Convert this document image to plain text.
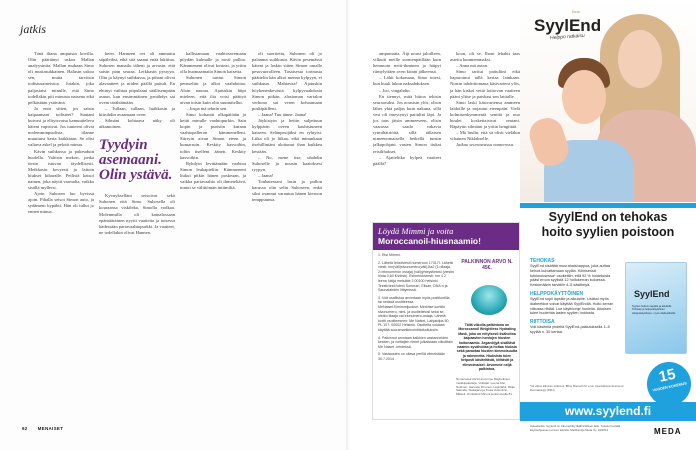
jatkis

Tänä iltana ampuisin kovilla. Olin päättänyt uskoa Mallan analyysintia. Mallan mukaan Simo oli mustasukkainen. Halusin uskoa sen, mutta tarvitsin todistusaineistoa. Jotakin, joka paljastaisi minulle, että Simo todellakin piti minusta naisena eikä pelkästään ystävänä.

Ja entä sitten, jos saisin kaipaamani todisteet? Suutani kuivasi ja elityisvatsa kamuutteleva käteni vapisivat. Jos tunteeni olivat molemminpuolisia, tilanne muuttuisi kerta kaikkiaan. Se olisi valtava askel ja pelotti minua.

Kävin suihkussa ja pukeuduin huolella. Valitsin mekon, jonka tiesin istuvan täydellisesti. Meikkasin kevyesti ja laitoin hiukset kiharalle. Peilistä katsoi nainen, joka näytti varmalta, vaikka sisällä myllersi.

Ajoin Suhosen luo hyvissä ajoin. Pihalla seisoi Simon auto, ja sydämeni hypähti. Hän oli tullut jo ennen minua.

keen. Hanneen ovi oli ammuttu säpäleiksi, eikä sitä saanut enää lukittua. Suhosen manailu täheni ja arvasin, että saisin pian seuraa. Leikkasin pystyyn. Olin jo käynyt suihkussa, ja pihani olivat alavaatteet ja niiden päällä paituli. En ehtinyt vaihtaa pöpulaani säällisempään asuun, kun ensimmäinen jymähdys sai oveni tärähtämään.

– Tullaan, tullaan, huikkasin ja kiiruhdin avaamaan oven.

Silmäni kohtaava näky oli aikamoinen.

Tyydyin asemaani. Olin ystävä.

Kyvnykselläni seisoivat sekä Suhonen että Simo. Suhosella oli kouraansa viskileka, Simolla vodkaa. Molemmilla oli kainalossaan epämääräinen nyytti vaatteita ja toisessa kädessään partavaahtopurkki. Ja vaatteet, ne todellakin olivat Hannen.

kallistamaan vaahtosavemaan pöydän kulmalle ja nosti pulloa. Kämmeneni olivat kosteat, ja yritin olla huomaamatta Simon katsetta.

Suhonen tarttui Simon pensseliin ja alkoi vaahdottaa. Aloin nauraa. Ajatuskin hiipi mieleen, että ilta voisi päättyä aivan toisin kuin olin suunnitellut.

– Jospa mä teknin sen.

Simo kohautti olkapäitään ja heitti minulle vaahtopurkin. Sain kopin ja puristin kuraan vaahtopalleron kämmenelleni. Siirryin aivan Simon eteen ja kumarruin. Keskity kasvoihin, toltin itselleni äänetı. Keskity kasvoihin.

Ryhdyin levittämään vaahtoa Simon leukapieliin. Kämmeneni liukui pitkin hänen poskeaan, ja vaikka partavaahto oli ihmeteltävä, tuntui se välittömän intiimiltä.

oli suoritettu, Suhonen oli jo palannut suihkusta. Kävin pesemässä käteni ja laskin sitten Simon omalle pesuvuorolleen. Tasaisesta torinasta päättelin hän alkoi menna kylpyyn, ei suihkuun. Mahtavaa! Ajatuskin höyhenenkevästä kylpyvaahdosta Simon pitkän, alastoman vartalon verhona sai veren kohoamaan poskipäilleni.

– Jaana! Tuu tänne. Jaana!

Jäykistyin ja heitin suljettuun kylppärin oveen kauhistuneen katseen. Selänpesijäksi en ryhtyisi. Liika oli jo liikaa, eikä minunkaan itsehillintäni ulottunut ihan kaikkea kestään.

– No, mene itse, uhahdin Suhoselle ja nousin kaatoksesi ryypyn.

– Jaana!

Toubatessani lasin ja pullon karussa olin selin Suhoseen, enkä siksi osannut varautua hänen kieroon temppuunsa.

ampumatta. Äiji nousi jaloilleen, vilkutti meille sormenpäillään kuin hemmoin neiti-ihminen ja häipyi riimylyttäen oven kiinni jälkeensä.

– Lähti kokonaan, Simo totesi, kun kuuli lukon naksahduksen.

– Joo, vingahdin.

En tiennyt, mitä hittoa tekisin seuraavaksi. Jos nousisin ylös, olisin lähes yhtä paljas kuin nakuna, sillä vesi oli imeytynyt paitulini läpi. Ja jos taas jäisin ammeeseen, olisin vaarassa saada vakavia rytmihäiriöitä, sillä tällaisen nimeenomaisella hetkellä tunsin jalkapohjani vasten Simon tiukat reisilihakset.

– Ajattelitko kylpeä vaatteet päällä?

koon, oli se. Ihoni lehahti taas asteita kuumemmaksi.

– Anna mä autan.

Simo tarttui paituliini eikä hapuroinut tällä kertaa lainkaan. Nostin tahdottomana käsivarteni ylös, ja hän kiskoi vettä lotisevan vaatteen pääni ylitse ja paiskasi sen lattialle.

Simo laski käsivartensa ammeen laidoille ja nojautui eteenpäin. Vielä kolmisenkymmentä senttiä ja nuo huulet koskettaisivat omiani. Räpäytin silmiäni ja yritin hengittää.

– Mä luulin, että sä olisit vieläkin vihainen Niklakselle.

Jatkuu seuraavassa numerossa.

62 MENAISET
Löydä Mimmi ja voita
Moroccanoil-hiusnaamio!
1. Etsi Mimmi.
2. Lähetä tekstiviesti numeroon 17317I. Lähetä viesti: mn(väli)sivunumero(väli)1ta2 (1=tilaaja, 2=irtonumeron ostaja) (väli)yhteystietosi (viestin hinta 0,60 €/viesti). Esimerkkiviesti: mn 4 2 leena lukija metsätie 3 00100 helsinki. Tekstiviesti toimii Soneran, Elisan, DNA:n ja Saunalahden liittymissä.
3. Voit osallistua arvontaan myös postikortilla tai netissä osoitteessa MeNaiset.fi/mimmijuokse. Merkitse korttiin sivunumero, nimi- ja osoitetietosi sekä se, oletko tilaaja vai irtonumero-ostaja. Lähetä kortti osoitteeseen: Me Naiset, Lahjakilpa 50, PL 107, 00002 Helsinki. Osoitetta voidaan käyttää suoramarkkinointitarkoituksiin.
4. Palkinnot arvotaan kaikkien vastanneiden kesken, ja voittajien nimet julkaistaan viikoittain Me Naiset -lehdessä.
5. Vastausten on oltava perillä viimeistään 30.7.2014
PALKINNON ARVO N. 45€.
Tällä viikolla palkintona on Moroccanoil Weightless Hydrating Mask, joka on erityisesti lisähoitoa kaipaavien hentojen hiusten hoitonaamio. Arganöljyä sisältävä naamio syvähoitaa ja hoitaa hiuksia sekä parantaa hiusten kimmoisuutta ja rakennetta. Hiuksista tulee helposti käsiteltävät, kiiltävät ja elinvoimaiset. Arvomme neljä palkintoa.
Numerossa 24/14 arvomme Maybellinen meikkipaketteja. Voittajat: Leena Aho, Nuttinen; Hannele Ihnonen, Lapinlahti; Raija Salmela, Sotkajärvi ja Tuula Juslenlinn, Mikkeli. Onnittelut! Mimmi juoksi sivulla 81.
SyylEnd
Bear
Helppo ratkaisu
SyylEnd on tehokas
hoito syylien poistoon
TEHOKAS
SyylEnd sisältää muurahaishappoa, joka auttaa kehoa kuivattamaan syylän. Kliinisessä tutkimuksessa* osoitettiin, että 92 % hoidetuista pääsi eroon syylistä 12 hoitokerran kuluessa. Keskimäärin tarvittiin 4–5 käsittelyä.
HELPPOKÄYTTÖINEN
SyylEnd sopii lapsille ja aikuisille. Lisäksi myös diabeetikot voivat käyttää SyylEndiä. Hoito kerran viikossa riittää. Lue käyttöohje huolella. Aikuisen tulee huolehtia lasten syylien hoidosta.
RIITTOISA
Voit käsitellä yhdellä SyylEnd-pakkauksella 1–5 syylää n. 30 kertaa.
SyylEnd
Syylien hoitoon lapsille ja aikuisille
Tehokas ja helppokäyttöinen
Helppokäyttöinen, myös diabeetikoille
15
VUODEN KOKEMUS
*12 viikon kliininen tutkimus; Bhat, Ramesh M. et al. International Journal of Dermatology (2001)
www.syylend.fi
Apteekeista. Syylend on CE-merkitty lääkinnällinen laite. Tutustu huolella käyttöohjeeseen ennen käyttöä. Markkinoija Meda Oy. 04/2014	MEDA
